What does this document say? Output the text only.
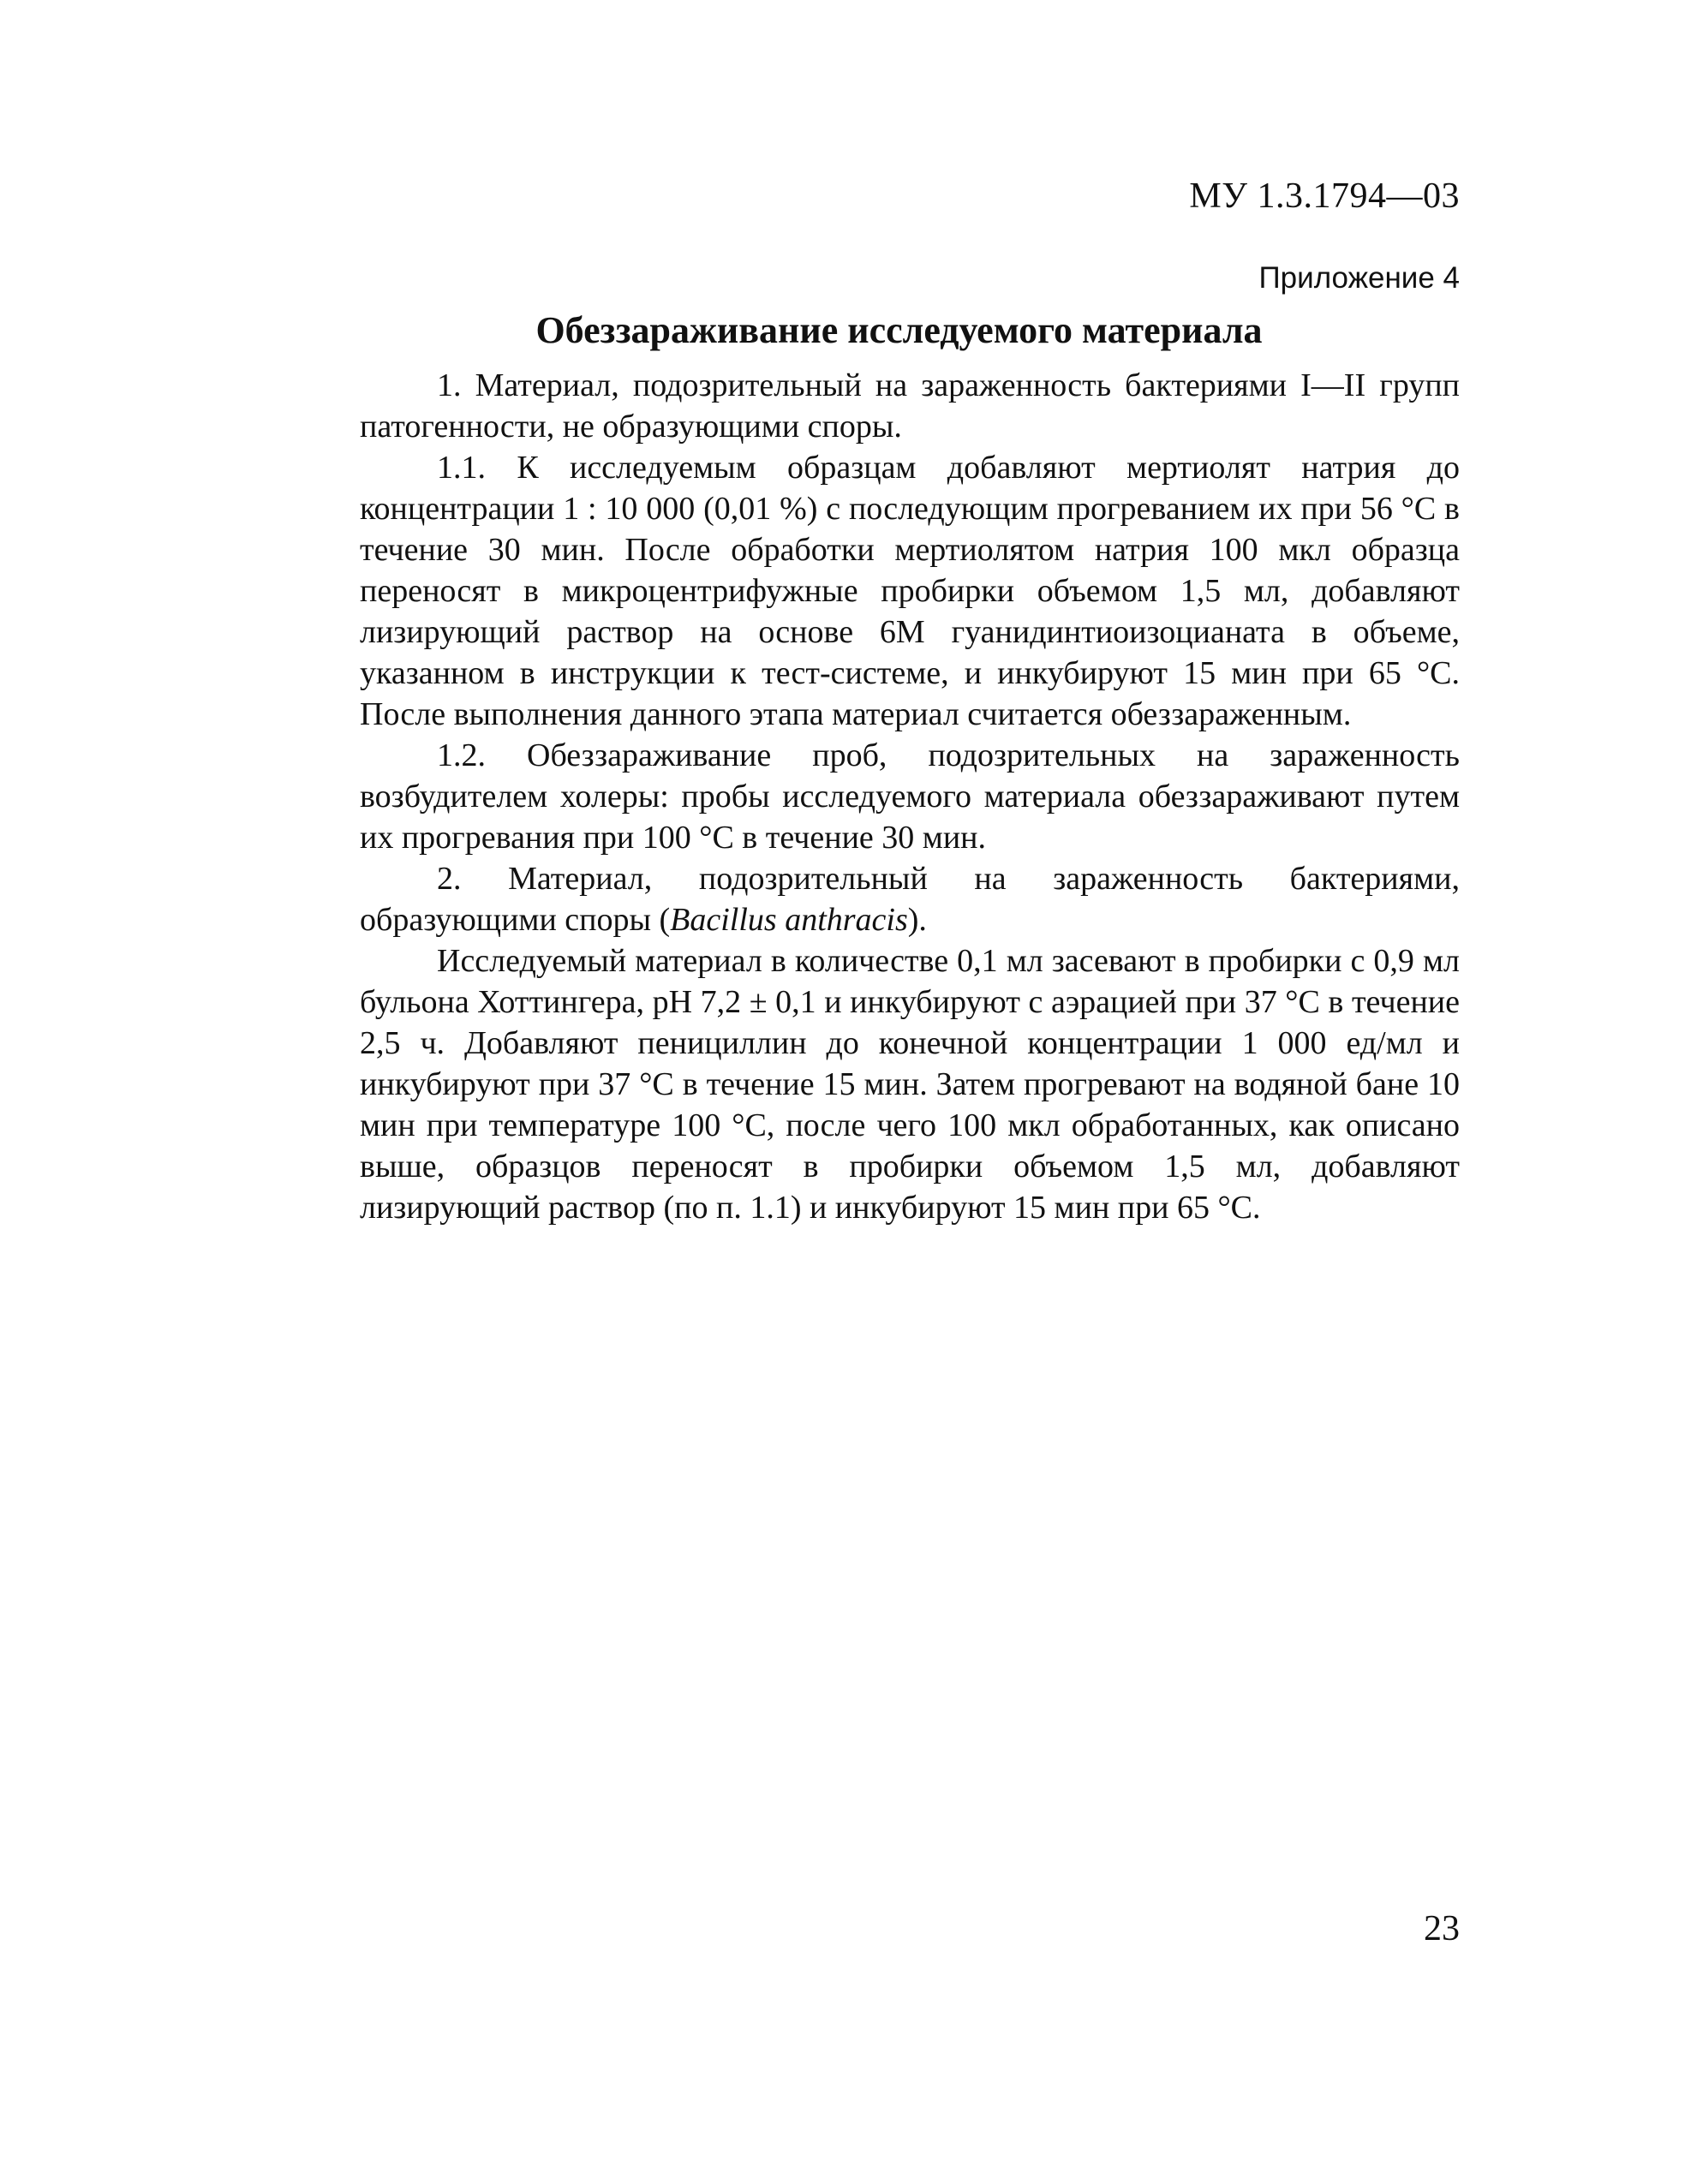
МУ 1.3.1794—03
Приложение 4
Обеззараживание исследуемого материала

1. Материал, подозрительный на зараженность бактериями I—II групп патогенности, не образующими споры.

1.1. К исследуемым образцам добавляют мертиолят натрия до концентрации 1 : 10 000 (0,01 %) с последующим прогреванием их при 56 °С в течение 30 мин. После обработки мертиолятом натрия 100 мкл образца переносят в микроцентрифужные пробирки объемом 1,5 мл, добавляют лизирующий раствор на основе 6М гуанидинтиоизоцианата в объеме, указанном в инструкции к тест-системе, и инкубируют 15 мин при 65 °С. После выполнения данного этапа материал считается обеззараженным.

1.2. Обеззараживание проб, подозрительных на зараженность возбудителем холеры: пробы исследуемого материала обеззараживают путем их прогревания при 100 °С в течение 30 мин.

2. Материал, подозрительный на зараженность бактериями, образующими споры (Bacillus anthracis).

Исследуемый материал в количестве 0,1 мл засевают в пробирки с 0,9 мл бульона Хоттингера, рН 7,2 ± 0,1 и инкубируют с аэрацией при 37 °С в течение 2,5 ч. Добавляют пенициллин до конечной концентрации 1 000 ед/мл и инкубируют при 37 °С в течение 15 мин. Затем прогревают на водяной бане 10 мин при температуре 100 °С, после чего 100 мкл обработанных, как описано выше, образцов переносят в пробирки объемом 1,5 мл, добавляют лизирующий раствор (по п. 1.1) и инкубируют 15 мин при 65 °С.

23
